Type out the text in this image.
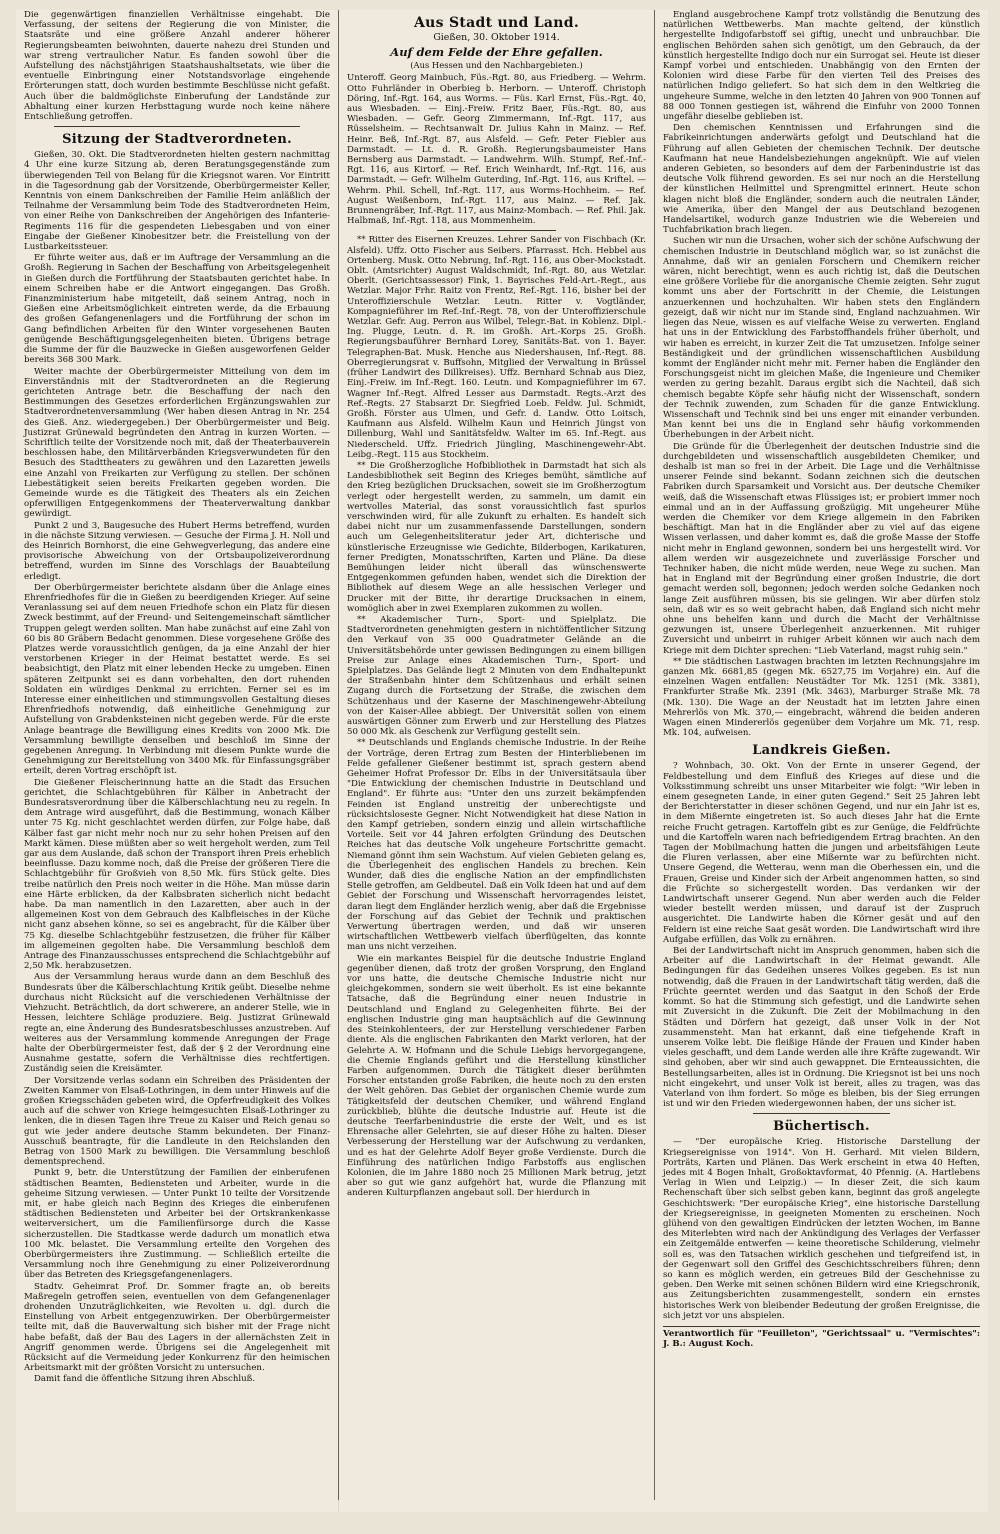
Die gegenwärtigen finanziellen Verhältnisse eingehabt. Die Verfassung, der seitens der Regierung die von Minister, die Staatsräte und eine größere Anzahl anderer höherer Regierungsbeamten beiwohnten, dauerte nahezu drei Stunden und war streng vertraulicher Natur. Es fanden sowohl über die Aufstellung des nächstjährigen Staatshaushaltsetats, wie über die eventuelle Einbringung einer Notstandsvorlage eingehende Erörterungen statt, doch wurden bestimmte Beschlüsse nicht gefaßt. Auch über die baldmöglichste Einberufung der Landstände zur Abhaltung einer kurzen Herbsttagung wurde noch keine nähere Entschließung getroffen.

Sitzung der Stadtverordneten.

Gießen, 30. Okt. Die Stadtverordneten hielten gestern nachmittag 4 Uhr eine kurze Sitzung ab, deren Beratungsgegenstände zum überwiegenden Teil von Belang für die Kriegsnot waren. Vor Eintritt in die Tagesordnung gab der Vorsitzende, Oberbürgermeister Keller, Kenntnis von einem Dankschreiben der Familie Heim anläßlich der Teilnahme der Versammlung beim Tode des Stadtverordneten Heim, von einer Reihe von Dankschreiben der Angehörigen des Infanterie-Regiments 116 für die gespendeten Liebesgaben und von einer Eingabe der Gießener Kinobesitzer betr. die Freistellung von der Lustbarkeitssteuer.

Er führte weiter aus, daß er im Auftrage der Versammlung an die Großh. Regierung in Sachen der Beschaffung von Arbeitsgelegenheit in Gießen durch die Fortführung der Staatsbauten gerichtet habe. In einem Schreiben habe er die Antwort eingegangen. Das Großh. Finanzministerium habe mitgeteilt, daß seinem Antrag, noch in Gießen eine Arbeitsmöglichkeit eintreten werde, da die Erbauung des großen Gefangenenlagers und die Fortführung der schon im Gang befindlichen Arbeiten für den Winter vorgesehenen Bauten genügende Beschäftigungsgelegenheiten bieten. Übrigens betrage die Summe der für die Bauzwecke in Gießen ausgeworfenen Gelder bereits 368 300 Mark.

Weiter machte der Oberbürgermeister Mitteilung von dem im Einverständnis mit der Stadtverordneten an die Regierung gerichteten Antrage betr. die Beschaffung der nach den Bestimmungen des Gesetzes erforderlichen Ergänzungswahlen zur Stadtverordnetenversammlung (Wer haben diesen Antrag in Nr. 254 des Gieß. Anz. wiedergegeben.) Der Oberbürgermeister und Beig. Justizrat Grünewald begründeten den Antrag in kurzen Worten. — Schriftlich teilte der Vorsitzende noch mit, daß der Theaterbauverein beschlossen habe, den Militärverbänden Kriegsverwundeten für den Besuch des Stadttheaters zu gewähren und den Lazaretten jeweils eine Anzahl von Freikarten zur Verfügung zu stellen. Der schönen Liebestätigkeit seien bereits Freikarten gegeben worden. Die Gemeinde wurde es die Tätigkeit des Theaters als ein Zeichen opferwilligen Entgegenkommens der Theaterverwaltung dankbar gewürdigt.

Punkt 2 und 3, Baugesuche des Hubert Herms betreffend, wurden in die nächste Sitzung verwiesen. — Gesuche der Firma J. H. Noll und des Heinrich Bornhorst, die eine Gehwegverlegung, das andere eine provisorische Abweichung von der Ortsbaupolizeiverordnung betreffend, wurden im Sinne des Vorschlags der Bauabteilung erledigt.

Der Oberbürgermeister berichtete alsdann über die Anlage eines Ehrenfriedhofes für die in Gießen zu beerdigenden Krieger. Auf seine Veranlassung sei auf dem neuen Friedhofe schon ein Platz für diesen Zweck bestimmt, auf der Freund- und Seitengemeinschaft sämtlicher Truppen gelegt werden sollten. Man habe zunächst auf eine Zahl von 60 bis 80 Gräbern Bedacht genommen. Diese vorgesehene Größe des Platzes werde voraussichtlich genügen, da ja eine Anzahl der hier verstorbenen Krieger in der Heimat bestattet werde. Es sei beabsichtigt, den Platz mit einer lebenden Hecke zu umgeben. Einen späteren Zeitpunkt sei es dann vorbehalten, den dort ruhenden Soldaten ein würdiges Denkmal zu errichten. Ferner sei es im Interesse einer einheitlichen und stimmungsvollen Gestaltung dieses Ehrenfriedhofs notwendig, daß einheitliche Genehmigung zur Aufstellung von Grabdenksteinen nicht gegeben werde. Für die erste Anlage beantrage die Bewilligung eines Kredits von 2000 Mk. Die Versammlung bewilligte denselben und beschloß im Sinne der gegebenen Anregung. In Verbindung mit diesem Punkte wurde die Genehmigung zur Bereitstellung von 3400 Mk. für Einfassungsgräber erteilt, deren Vortrag erschöpft ist.

Die Gießener Fleischerinnung hatte an die Stadt das Ersuchen gerichtet, die Schlachtgebühren für Kälber in Anbetracht der Bundesratsverordnung über die Kälberschlachtung neu zu regeln. In dem Antrage wird ausgeführt, daß die Bestimmung, wonach Kälber unter 75 Kg. nicht geschlachtet werden dürfen, zur Folge habe, daß Kälber fast gar nicht mehr noch nur zu sehr hohen Preisen auf den Markt kämen. Diese müßten aber so weit hergeholt werden, zum Teil gar aus dem Auslande, daß schon der Transport ihren Preis erheblich beeinflusse. Dazu komme noch, daß die Preise der größeren Tiere die Schlachtgebühr für Großvieh von 8,50 Mk. fürs Stück gelte. Dies treibe natürlich den Preis noch weiter in die Höhe. Man müsse darin eine Härte erblicken, da der Kalbsbraten sicherlich nicht bedacht habe. Da man namentlich in den Lazaretten, aber auch in der allgemeinen Kost von dem Gebrauch des Kalbfleisches in der Küche nicht ganz absehen könne, so sei es angebracht, für die Kälber über 75 Kg. dieselbe Schlachtgebühr festzusetzen, die früher für Kälber im allgemeinen gegolten habe. Die Versammlung beschloß dem Antrage des Finanzausschusses entsprechend die Schlachtgebühr auf 2,50 Mk. herabzusetzen.

Aus der Versammlung heraus wurde dann an dem Beschluß des Bundesrats über die Kälberschlachtung Kritik geübt. Dieselbe nehme durchaus nicht Rücksicht auf die verschiedenen Verhältnisse der Viehzucht. Beträchtlich, da dort schwerere, an anderer Stelle, wie in Hessen, leichtere Schläge produziere. Beig. Justizrat Grünewald regte an, eine Änderung des Bundesratsbeschlusses anzustreben. Auf weiteres aus der Versammlung kommende Anregungen der Frage halte der Oberbürgermeister fest, daß der § 2 der Verordnung eine Ausnahme gestatte, sofern die Verhältnisse dies rechtfertigen. Zuständig seien die Kreisämter.

Der Vorsitzende verlas sodann ein Schreiben des Präsidenten der Zweiten Kammer von Elsaß-Lothringen, in dem unter Hinweis auf die großen Kriegsschäden gebeten wird, die Opferfreudigkeit des Volkes auch auf die schwer von Kriege heimgesuchten Elsaß-Lothringer zu lenken, die in diesen Tagen ihre Treue zu Kaiser und Reich genau so gut wie jeder andere deutsche Stamm bekundeten. Der Finanz-Ausschuß beantragte, für die Landleute in den Reichslanden den Betrag von 1500 Mark zu bewilligen. Die Versammlung beschloß dementsprechend.

Punkt 9, betr. die Unterstützung der Familien der einberufenen städtischen Beamten, Bediensteten und Arbeiter, wurde in die geheime Sitzung verwiesen. — Unter Punkt 10 teilte der Vorsitzende mit, er habe gleich nach Beginn des Krieges die einberufenen städtischen Bediensteten und Arbeiter bei der Ortskrankenkasse weiterversichert, um die Familienfürsorge durch die Kasse sicherzustellen. Die Stadtkasse werde dadurch um monatlich etwa 100 Mk. belastet. Die Versammlung erteilte den Vorgehen des Oberbürgermeisters ihre Zustimmung. — Schließlich erteilte die Versammlung noch ihre Genehmigung zu einer Polizeiverordnung über das Betreten des Kriegsgefangenenlagers.

Stadtv. Geheimrat Prof. Dr. Sommer fragte an, ob bereits Maßregeln getroffen seien, eventuellen von dem Gefangenenlager drohenden Unzuträglichkeiten, wie Revolten u. dgl. durch die Einstellung von Arbeit entgegenzuwirken. Der Oberbürgermeister teilte mit, daß die Bauverwaltung sich bisher mit der Frage nicht habe befaßt, daß der Bau des Lagers in der allernächsten Zeit in Angriff genommen werde. Übrigens sei die Angelegenheit mit Rücksicht auf die Vermeidung jeder Konkurrenz für den heimischen Arbeitsmarkt mit der größten Vorsicht zu untersuchen.

Damit fand die öffentliche Sitzung ihren Abschluß.

Aus Stadt und Land.
Gießen, 30. Oktober 1914.
Auf dem Felde der Ehre gefallen.
(Aus Hessen und den Nachbargebieten.)

Unteroff. Georg Mainbuch, Füs.-Rgt. 80, aus Friedberg. — Wehrm. Otto Fuhrländer in Oberbieg b. Herborn. — Unteroff. Christoph Döring, Inf.-Rgt. 164, aus Worms. — Füs. Karl Ernst, Füs.-Rgt. 40, aus Wiesbaden. — Einj.-Freiw. Fritz Baer, Füs.-Rgt. 80, aus Wiesbaden. — Gefr. Georg Zimmermann, Inf.-Rgt. 117, aus Rüsselsheim. — Rechtsanwalt Dr. Julius Kahn in Mainz. — Ref. Heinr. Beß, Inf.-Rgt. 87, aus Alsfeld. — Gefr. Peter Fiebler aus Darmstadt. — Lt. d. R. Großh. Regierungsbaumeister Hans Bernsberg aus Darmstadt. — Landwehrm. Wilh. Stumpf, Ref.-Inf.-Rgt. 116, aus Kirtorf. — Ref. Erich Weinhardt, Inf.-Rgt. 116, aus Darmstadt. — Gefr. Wilhelm Guterding, Inf.-Rgt. 116, aus Kriftel. — Wehrm. Phil. Schell, Inf.-Rgt. 117, aus Worms-Hochheim. — Ref. August Weißenborn, Inf.-Rgt. 117, aus Mainz. — Ref. Jak. Brunnengräber, Inf.-Rgt. 117, aus Mainz-Mombach. — Ref. Phil. Jak. Halbmaß, Inf.-Rgt. 118, aus Mommenheim.

** Ritter des Eisernen Kreuzes. Lehrer Sander von Fischbach (Kr. Alsfeld). Uffz. Otto Fischer aus Seibers. Pfarrasst. Hch. Hebbel aus Ortenberg. Musk. Otto Nebrung, Inf.-Rgt. 116, aus Ober-Mockstadt. Oblt. (Amtsrichter) August Waldschmidt, Inf.-Rgt. 80, aus Wetzlar. Oberlt. (Gerichtsassessor) Fink, 1. Bayrisches Feld-Art.-Regt., aus Wetzlar. Major Frhr. Raitz von Frentz, Ref.-Rgt. 116, bisher bei der Unteroffizierschule Wetzlar. Leutn. Ritter v. Vogtländer, Kompagnieführer im Ref.-Inf.-Regt. 78, von der Unteroffizierschule Wetzlar. Gefr. Aug. Perron aus Wilbel, Telegr.-Bat. in Koblenz. Dipl.-Ing. Plugge, Leutn. d. R. im Großh. Art.-Korps 25. Großh. Regierungsbauführer Bernhard Lorey, Sanitäts-Bat. von 1. Bayer. Telegraphen-Bat. Musk. Henche aus Niedershausen, Inf.-Regt. 88. Oberregierungsrat v. Buffsohn, Mitglied der Verwaltung in Brüssel (früher Landwirt des Dillkreises). Uffz. Bernhard Schnab aus Diez, Einj.-Freiw. im Inf.-Regt. 160. Leutn. und Kompagnieführer im 67. Wagner Inf.-Regt. Alfred Lesser aus Darmstadt. Regts.-Arzt des Ref.-Regts. 27 Stabsarzt Dr. Siegfried Loeb. Feldw. Jul. Schmidt, Großh. Förster aus Ulmen, und Gefr. d. Landw. Otto Loitsch, Kaufmann aus Alsfeld. Wilhelm Kaun und Heinrich Jüngst von Dillenburg, Wahl und Sanitätsfeldw. Walter im 65. Inf.-Regt. aus Niederscheld. Uffz. Friedrich Jüngling, Maschinengewehr-Abt. Leibg.-Regt. 115 aus Stockheim.

** Die Großherzogliche Hofbibliothek in Darmstadt hat sich als Landesbibliothek seit Beginn des Krieges bemüht, sämtliche auf den Krieg bezüglichen Drucksachen, soweit sie im Großherzogtum verlegt oder hergestellt werden, zu sammeln, um damit ein wertvolles Material, das sonst voraussichtlich fast spurlos verschwinden wird, für alle Zukunft zu erhalten. Es handelt sich dabei nicht nur um zusammenfassende Darstellungen, sondern auch um Gelegenheitsliteratur jeder Art, dichterische und künstlerische Erzeugnisse wie Gedichte, Bilderbogen, Karikaturen, ferner Predigten, Monatsschriften, Karten und Pläne. Da diese Bemühungen leider nicht überall das wünschenswerte Entgegenkommen gefunden haben, wendet sich die Direktion der Bibliothek auf diesem Wege an alle hessischen Verleger und Drucker mit der Bitte, ihr derartige Drucksachen in einem, womöglich aber in zwei Exemplaren zukommen zu wollen.

** Akademischer Turn-, Sport- und Spielplatz. Die Stadtverordneten genehmigten gestern in nichtöffentlicher Sitzung den Verkauf von 35 000 Quadratmeter Gelände an die Universitätsbehörde unter gewissen Bedingungen zu einem billigen Preise zur Anlage eines Akademischen Turn-, Sport- und Spielplatzes. Das Gelände liegt 2 Minuten von dem Endhaltepunkt der Straßenbahn hinter dem Schützenhaus und erhält seinen Zugang durch die Fortsetzung der Straße, die zwischen dem Schützenhaus und der Kaserne der Maschinengewehr-Abteilung von der Kaiser-Allee abbiegt. Der Universität sollen von einem auswärtigen Gönner zum Erwerb und zur Herstellung des Platzes 50 000 Mk. als Geschenk zur Verfügung gestellt sein.

** Deutschlands und Englands chemische Industrie. In der Reihe der Vorträge, deren Ertrag zum Besten der Hinterbliebenen im Felde gefallener Gießener bestimmt ist, sprach gestern abend Geheimer Hofrat Professor Dr. Elbs in der Universitätsaula über "Die Entwicklung der chemischen Industrie in Deutschland und England". Er führte aus: "Unter den uns zurzeit bekämpfenden Feinden ist England unstreitig der unberechtigste und rücksichtsloseste Gegner. Nicht Notwendigkeit hat diese Nation in den Kampf getrieben, sondern einzig und allein wirtschaftliche Vorteile. Seit vor 44 Jahren erfolgten Gründung des Deutschen Reiches hat das deutsche Volk ungeheure Fortschritte gemacht. Niemand gönnt ihm sein Wachstum. Auf vielen Gebieten gelang es, die Überlegenheit des englischen Handels zu brechen. Kein Wunder, daß dies die englische Nation an der empfindlichsten Stelle getroffen, am Geldbeutel. Daß ein Volk Ideen hat und auf dem Gebiet der Forschung und Wissenschaft hervorragendes leistet, daran liegt dem Engländer herzlich wenig, aber daß die Ergebnisse der Forschung auf das Gebiet der Technik und praktischen Verwertung übertragen werden, und daß wir unseren wirtschaftlichen Wettbewerb vielfach überflügelten, das konnte man uns nicht verzeihen.

Wie ein markantes Beispiel für die deutsche Industrie England gegenüber dienen, daß trotz der großen Vorsprung, den England vor uns hatte, die deutsche Chemische Industrie nicht nur gleichgekommen, sondern sie weit überholt. Es ist eine bekannte Tatsache, daß die Begründung einer neuen Industrie in Deutschland und England zu Gelegenheiten führte. Bei der englischen Industrie ging man hauptsächlich auf die Gewinnung des Steinkohlenteers, der zur Herstellung verschiedener Farben diente. Als die englischen Fabrikanten den Markt verloren, hat der Gelehrte A. W. Hofmann und die Schule Liebigs hervorgegangene, die Chemie Englands geführt und die Herstellung künstlicher Farben aufgenommen. Durch die Tätigkeit dieser berühmten Forscher entstanden große Fabriken, die heute noch zu den ersten der Welt gehören. Das Gebiet der organischen Chemie wurde zum Tätigkeitsfeld der deutschen Chemiker, und während England zurückblieb, blühte die deutsche Industrie auf. Heute ist die deutsche Teerfarbenindustrie die erste der Welt, und es ist Ehrensache aller Gelehrten, sie auf dieser Höhe zu halten. Dieser Verbesserung der Herstellung war der Aufschwung zu verdanken, und es hat der Gelehrte Adolf Beyer große Verdienste. Durch die Einführung des natürlichen Indigo Farbstoffs aus englischen Kolonien, die im Jahre 1880 noch 25 Millionen Mark betrug, jetzt aber so gut wie ganz aufgehört hat, wurde die Pflanzung mit anderen Kulturpflanzen angebaut soll. Der hierdurch in

England ausgebrochene Kampf trotz vollständig die Benutzung des natürlichen Wettbewerbs. Man machte geltend, der künstlich hergestellte Indigofarbstoff sei giftig, unecht und unbrauchbar. Die englischen Behörden sahen sich genötigt, um den Gebrauch, da der künstlich hergestellte Indigo doch nur ein Surrogat sei. Heute ist dieser Kampf vorbei und entschieden. Unabhängig von den Ernten der Kolonien wird diese Farbe für den vierten Teil des Preises des natürlichen Indigo geliefert. So hat sich dem in den Weltkrieg die ungeheure Summe, welche in den letzten 40 Jahren von 900 Tonnen auf 88 000 Tonnen gestiegen ist, während die Einfuhr von 2000 Tonnen ungefähr dieselbe geblieben ist.

Den chemischen Kenntnissen und Erfahrungen sind die Fabrikeinrichtungen anderwärts gefolgt und Deutschland hat die Führung auf allen Gebieten der chemischen Technik. Der deutsche Kaufmann hat neue Handelsbeziehungen angeknüpft. Wie auf vielen anderen Gebieten, so besonders auf dem der Farbenindustrie ist das deutsche Volk führend geworden. Es sei nur noch an die Herstellung der künstlichen Heilmittel und Sprengmittel erinnert. Heute schon klagen nicht bloß die Engländer, sondern auch die neutralen Länder, wie Amerika, über den Mangel der aus Deutschland bezogenen Handelsartikel, wodurch ganze Industrien wie die Webereien und Tuchfabrikation brach liegen.

Suchen wir nun die Ursachen, woher sich der schöne Aufschwung der chemischen Industrie in Deutschland möglich war, so ist zunächst die Annahme, daß wir an genialen Forschern und Chemikern reicher wären, nicht berechtigt, wenn es auch richtig ist, daß die Deutschen eine größere Vorliebe für die anorganische Chemie zeigten. Sehr zugut kommt uns aber der Fortschritt in der Chemie, die Leistungen anzuerkennen und hochzuhalten. Wir haben stets den Engländern gezeigt, daß wir nicht nur im Stande sind, England nachzuahmen. Wir liegen das Neue, wissen es auf vielfache Weise zu verwerten. England hat uns in der Entwicklung des Farbstoffhandels früher überholt, und wir haben es erreicht, in kurzer Zeit die Tat umzusetzen. Infolge seiner Beständigkeit und der gründlichen wissenschaftlichen Ausbildung kommt der Engländer nicht mehr mit. Ferner haben die Engländer den Forschungsgeist nicht im gleichen Maße, die Ingenieure und Chemiker werden zu gering bezahlt. Daraus ergibt sich die Nachteil, daß sich chemisch begabte Köpfe sehr häufig nicht der Wissenschaft, sondern der Technik zuwenden, zum Schaden für die ganze Entwicklung. Wissenschaft und Technik sind bei uns enger mit einander verbunden. Man kennt bei uns die in England sehr häufig vorkommenden Überhebungen in der Arbeit nicht.

Die Gründe für die Überlegenheit der deutschen Industrie sind die durchgebildeten und wissenschaftlich ausgebildeten Chemiker, und deshalb ist man so frei in der Arbeit. Die Lage und die Verhältnisse unserer Feinde sind bekannt. Sodann zeichnen sich die deutschen Fabriken durch Sparsamkeit und Vorsicht aus. Der deutsche Chemiker weiß, daß die Wissenschaft etwas Flüssiges ist; er probiert immer noch einmal und an in der Auffassung großzügig. Mit ungeheurer Mühe werden die Chemiker vor dem Kriege allgemein in den Fabriken beschäftigt. Man hat in die Engländer aber zu viel auf das eigene Wissen verlassen, und daher kommt es, daß die große Masse der Stoffe nicht mehr in England gewonnen, sondern bei uns hergestellt wird. Vor allem werden wir ausgezeichnete und zuverlässige Forscher und Techniker haben, die nicht müde werden, neue Wege zu suchen. Man hat in England mit der Begründung einer großen Industrie, die dort gemacht werden soll, begonnen; jedoch werden solche Gedanken noch lange Zeit ausführen müssen, bis sie gelingen. Wir aber dürfen stolz sein, daß wir es so weit gebracht haben, daß England sich nicht mehr ohne uns behelfen kann und durch die Macht der Verhältnisse gezwungen ist, unsere Überlegenheit anzuerkennen. Mit ruhiger Zuversicht und unbeirrt in ruhiger Arbeit können wir auch nach dem Kriege mit dem Dichter sprechen: "Lieb Vaterland, magst ruhig sein."

** Die städtischen Lastwagen brachten im letzten Rechnungsjahre im ganzen Mk. 6681,85 (gegen Mk. 6527,75 im Vorjahre) ein. Auf die einzelnen Wagen entfallen: Neustädter Tor Mk. 1251 (Mk. 3381), Frankfurter Straße Mk. 2391 (Mk. 3463), Marburger Straße Mk. 78 (Mk. 130). Die Wage an der Neustadt hat im letzten Jahre einen Mehrerlös von Mk. 370,— eingebracht, während die beiden anderen Wagen einen Mindererlös gegenüber dem Vorjahre um Mk. 71, resp. Mk. 104, aufweisen.

Landkreis Gießen.

? Wohnbach, 30. Okt. Von der Ernte in unserer Gegend, der Feldbestellung und dem Einfluß des Krieges auf diese und die Volksstimmung schreibt uns unser Mitarbeiter wie folgt: "Wir leben in einem gesegneten Lande, in einer guten Gegend." Seit 25 Jahren lebt der Berichterstatter in dieser schönen Gegend, und nur ein Jahr ist es, in dem Mißernte eingetreten ist. So auch dieses Jahr hat die Ernte reiche Frucht getragen. Kartoffeln gibt es zur Genüge, die Feldfrüchte und die Kartoffeln waren nach befriedigendem Ertrag brachten. An den Tagen der Mobilmachung hatten die jungen und arbeitsfähigen Leute die Fluren verlassen, aber eine Mißernte war zu befürchten nicht. Unsere Gegend, die Wetterau, wenn man die Oberhessen ein, und die Frauen, Greise und Kinder sich der Arbeit angenommen hatten, so sind die Früchte so sichergestellt worden. Das verdanken wir der Landwirtschaft unserer Gegend. Nun aber werden auch die Felder wieder bestellt werden müssen, und darauf ist der Zuspruch ausgerichtet. Die Landwirte haben die Körner gesät und auf den Feldern ist eine reiche Saat gesät worden. Die Landwirtschaft wird ihre Aufgabe erfüllen, das Volk zu ernähren.

Bei der Landwirtschaft nicht im Anspruch genommen, haben sich die Arbeiter auf die Landwirtschaft in der Heimat gewandt. Alle Bedingungen für das Gedeihen unseres Volkes gegeben. Es ist nun notwendig, daß die Frauen in der Landwirtschaft tätig werden, daß die Früchte geerntet werden und das Saatgut in den Schoß der Erde kommt. So hat die Stimmung sich gefestigt, und die Landwirte sehen mit Zuversicht in die Zukunft. Die Zeit der Mobilmachung in den Städten und Dörfern hat gezeigt, daß unser Volk in der Not zusammensteht. Man hat erkannt, daß eine tiefgehende Kraft in unserem Volke lebt. Die fleißige Hände der Frauen und Kinder haben vieles geschafft, und dem Lande werden alle ihre Kräfte zugewandt. Wir sind gehoben, aber wir sind auch gewappnet. Die Ernteaussichten, die Bestellungsarbeiten, alles ist in Ordnung. Die Kriegsnot ist bei uns noch nicht eingekehrt, und unser Volk ist bereit, alles zu tragen, was das Vaterland von ihm fordert. So möge es bleiben, bis der Sieg errungen ist und wir den Frieden wiedergewonnen haben, der uns sicher ist.

Büchertisch.

— "Der europäische Krieg. Historische Darstellung der Kriegsereignisse von 1914". Von H. Gerhard. Mit vielen Bildern, Porträts, Karten und Plänen. Das Werk erscheint in etwa 40 Heften, jedes mit 4 Bogen Inhalt, Großoktavformat, 40 Pfennig. (A. Hartlebens Verlag in Wien und Leipzig.) — In dieser Zeit, die sich kaum Rechenschaft über sich selbst geben kann, beginnt das groß angelegte Geschichtswerk: "Der europäische Krieg", eine historische Darstellung der Kriegsereignisse, in geeigneten Momenten zu erscheinen. Noch glühend von den gewaltigen Eindrücken der letzten Wochen, im Banne des Miterlebten wird nach der Ankündigung des Verlages der Verfasser ein Zeitgemälde entwerfen — keine theoretische Schilderung, vielmehr soll es, was den Tatsachen wirklich geschehen und tiefgreifend ist, in der Gegenwart soll den Griffel des Geschichtsschreibers führen; denn so kann es möglich werden, ein getreues Bild der Geschehnisse zu geben. Den Werke mit seinen schönen Bildern wird eine Kriegschronik, aus Zeitungsberichten zusammengestellt, sondern ein ernstes historisches Werk von bleibender Bedeutung der großen Ereignisse, die sich jetzt vor uns abspielen.

Verantwortlich für "Feuilleton", "Gerichtssaal" u. "Vermischtes": J. B.: August Koch.
